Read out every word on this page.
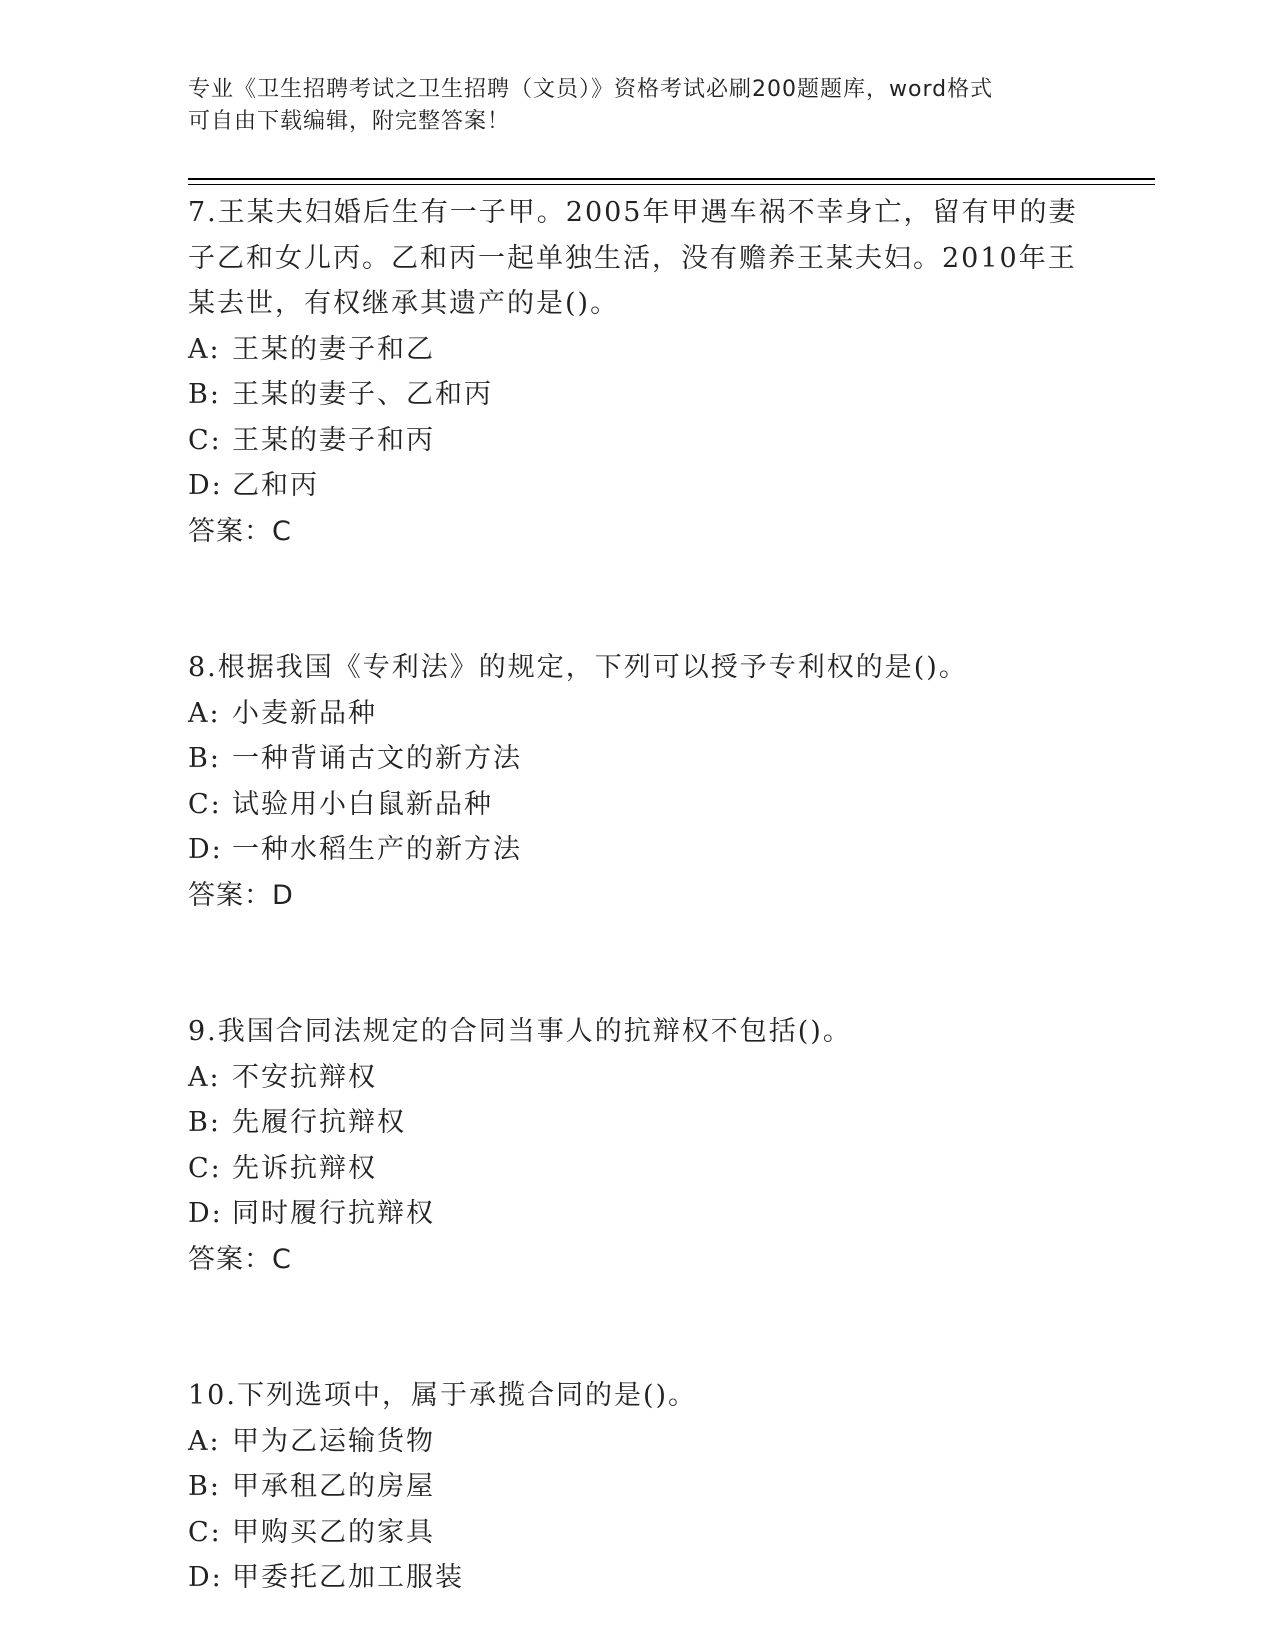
专业《卫生招聘考试之卫生招聘（文员）》资格考试必刷200题题库，word格式
可自由下载编辑，附完整答案！

7.王某夫妇婚后生有一子甲。2005年甲遇车祸不幸身亡，留有甲的妻

子乙和女儿丙。乙和丙一起单独生活，没有赡养王某夫妇。2010年王

某去世，有权继承其遗产的是()。

A: 王某的妻子和乙

B: 王某的妻子、乙和丙

C: 王某的妻子和丙

D: 乙和丙

答案：C

8.根据我国《专利法》的规定，下列可以授予专利权的是()。

A: 小麦新品种

B: 一种背诵古文的新方法

C: 试验用小白鼠新品种

D: 一种水稻生产的新方法

答案：D

9.我国合同法规定的合同当事人的抗辩权不包括()。

A: 不安抗辩权

B: 先履行抗辩权

C: 先诉抗辩权

D: 同时履行抗辩权

答案：C

10.下列选项中，属于承揽合同的是()。

A: 甲为乙运输货物

B: 甲承租乙的房屋

C: 甲购买乙的家具

D: 甲委托乙加工服装
